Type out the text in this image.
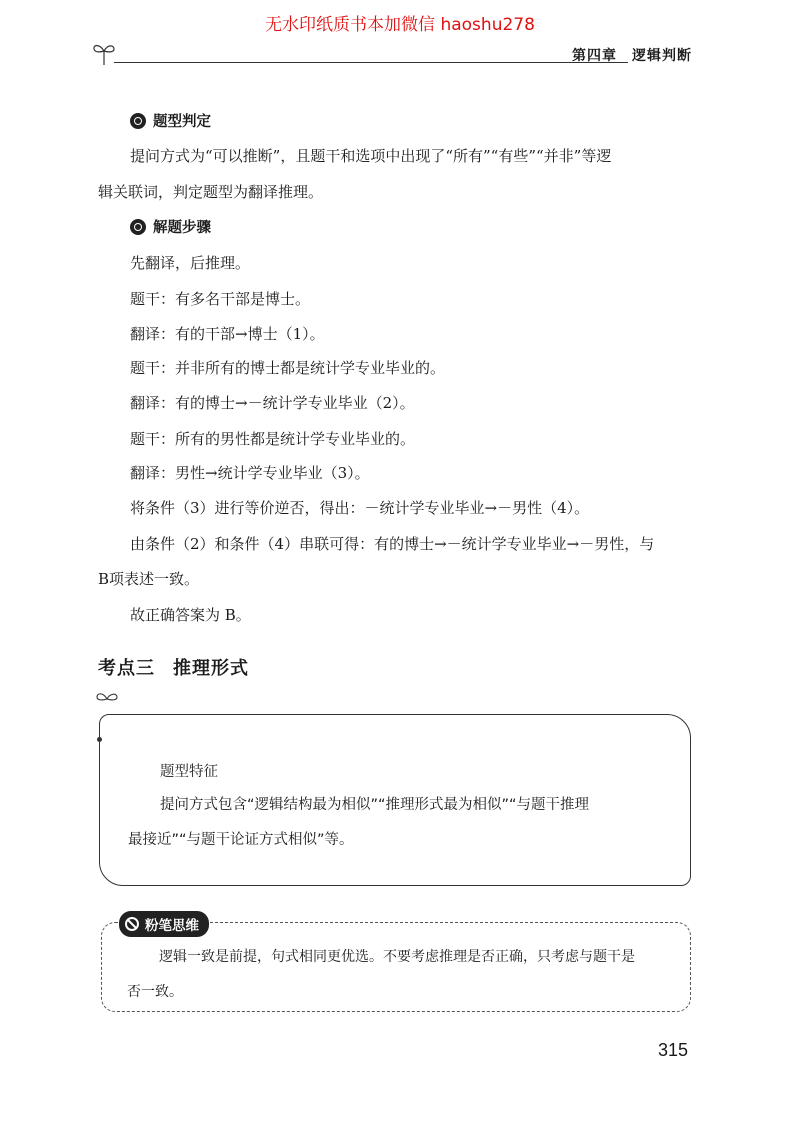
无水印纸质书本加微信 haoshu278
第四章　逻辑判断
题型判定
提问方式为“可以推断”，且题干和选项中出现了“所有”“有些”“并非”等逻
辑关联词，判定题型为翻译推理。
解题步骤
先翻译，后推理。
题干：有多名干部是博士。
翻译：有的干部→博士（1）。
题干：并非所有的博士都是统计学专业毕业的。
翻译：有的博士→－统计学专业毕业（2）。
题干：所有的男性都是统计学专业毕业的。
翻译：男性→统计学专业毕业（3）。
将条件（3）进行等价逆否，得出：－统计学专业毕业→－男性（4）。
由条件（2）和条件（4）串联可得：有的博士→－统计学专业毕业→－男性，与
B项表述一致。
故正确答案为 B。
考点三 推理形式
题型特征
提问方式包含“逻辑结构最为相似”“推理形式最为相似”“与题干推理
最接近”“与题干论证方式相似”等。
粉笔思维
逻辑一致是前提，句式相同更优选。不要考虑推理是否正确，只考虑与题干是
否一致。
315
